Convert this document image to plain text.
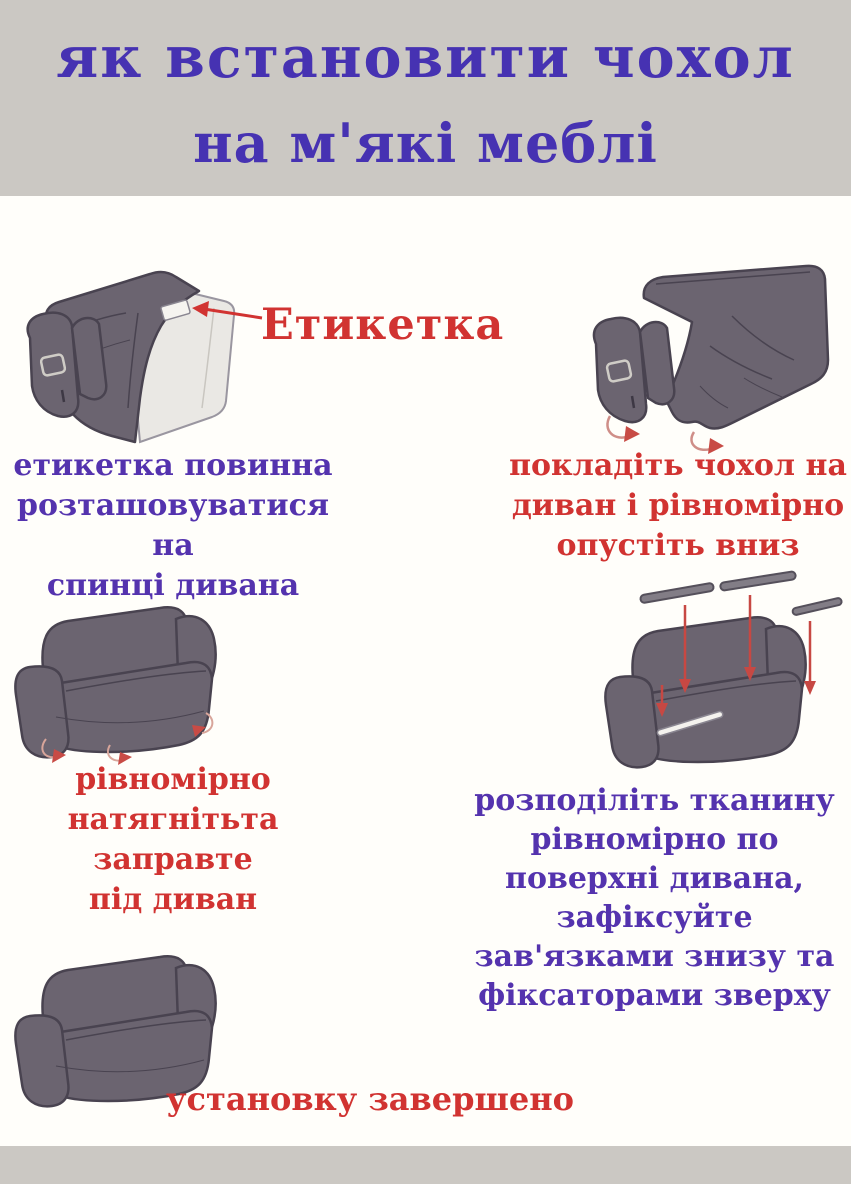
як встановити чохол
на м'які меблі
Етикетка
етикетка повинна
розташовуватися на
спинці дивана
покладіть чохол на
диван і рівномірно
опустіть вниз
рівномірно
натягнітьта заправте
під диван
розподіліть тканину
рівномірно по
поверхні дивана,
зафіксуйте
зав'язками знизу та
фіксаторами зверху
установку завершено
